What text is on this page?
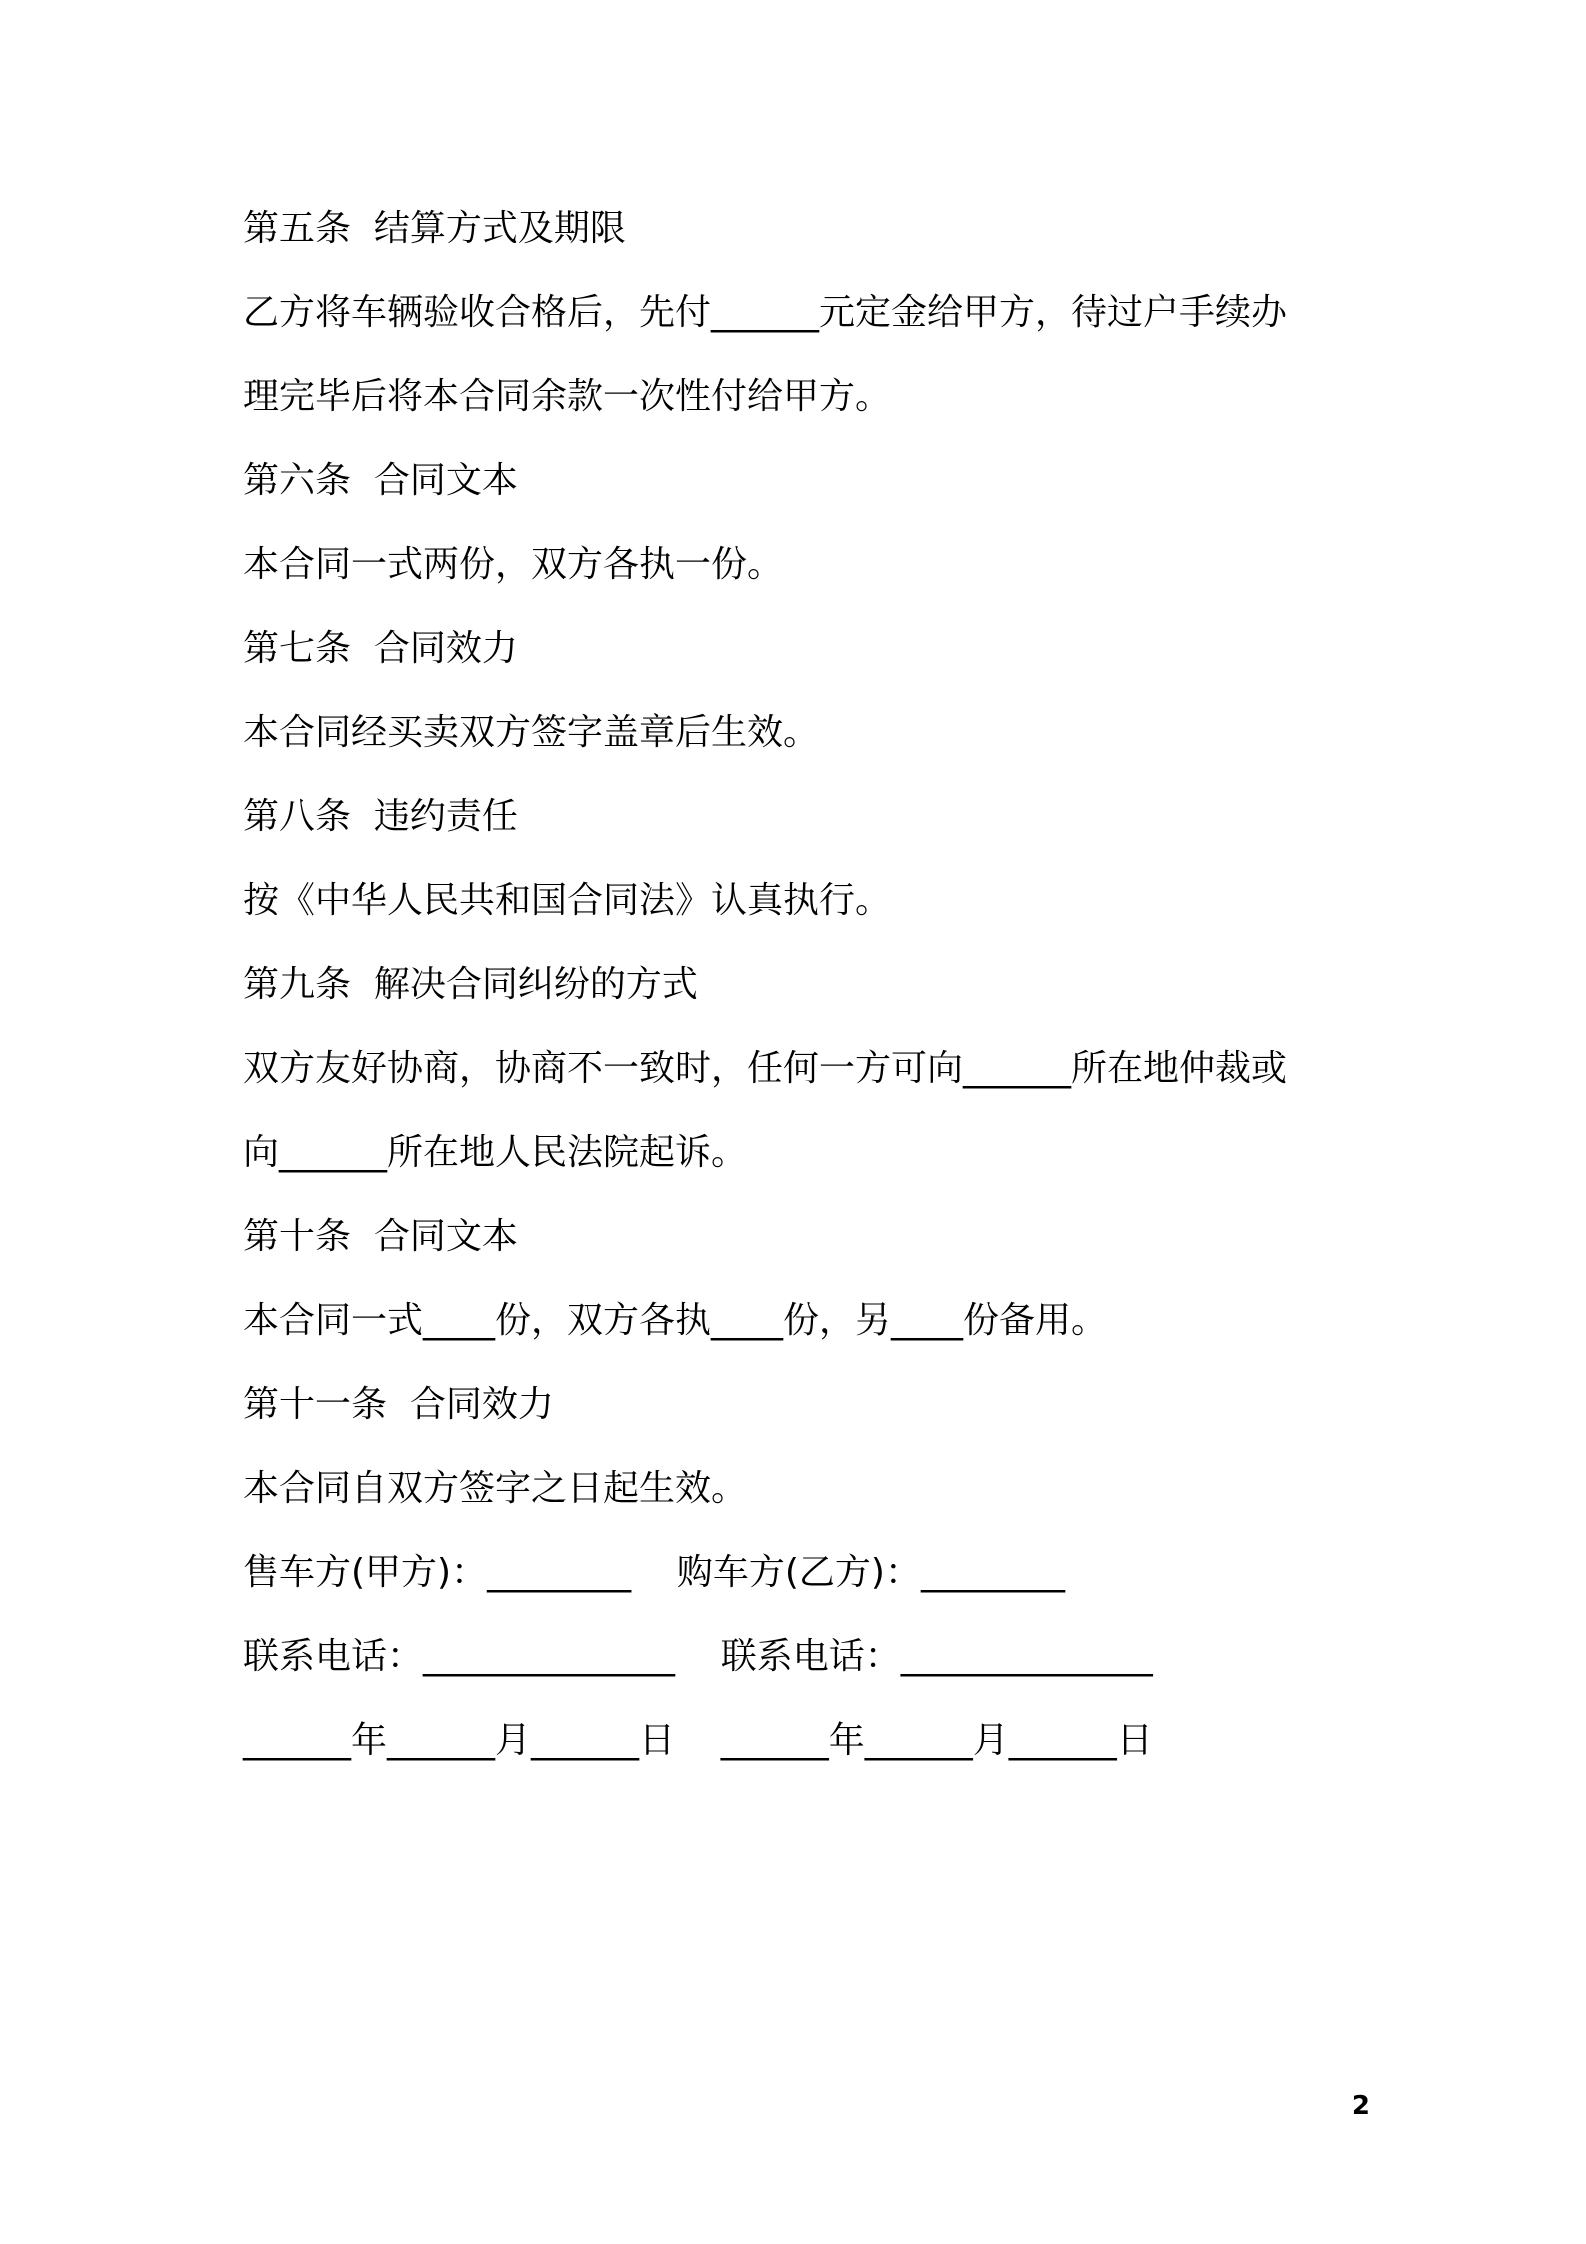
第五条  结算方式及期限
乙方将车辆验收合格后，先付______元定金给甲方，待过户手续办
理完毕后将本合同余款一次性付给甲方。
第六条  合同文本
本合同一式两份，双方各执一份。
第七条  合同效力
本合同经买卖双方签字盖章后生效。
第八条  违约责任
按《中华人民共和国合同法》认真执行。
第九条  解决合同纠纷的方式
双方友好协商，协商不一致时，任何一方可向______所在地仲裁或
向______所在地人民法院起诉。
第十条  合同文本
本合同一式____份，双方各执____份，另____份备用。
第十一条  合同效力
本合同自双方签字之日起生效。
售车方(甲方)：________    购车方(乙方)：________
联系电话：______________    联系电话：______________
______年______月______日    ______年______月______日
2
